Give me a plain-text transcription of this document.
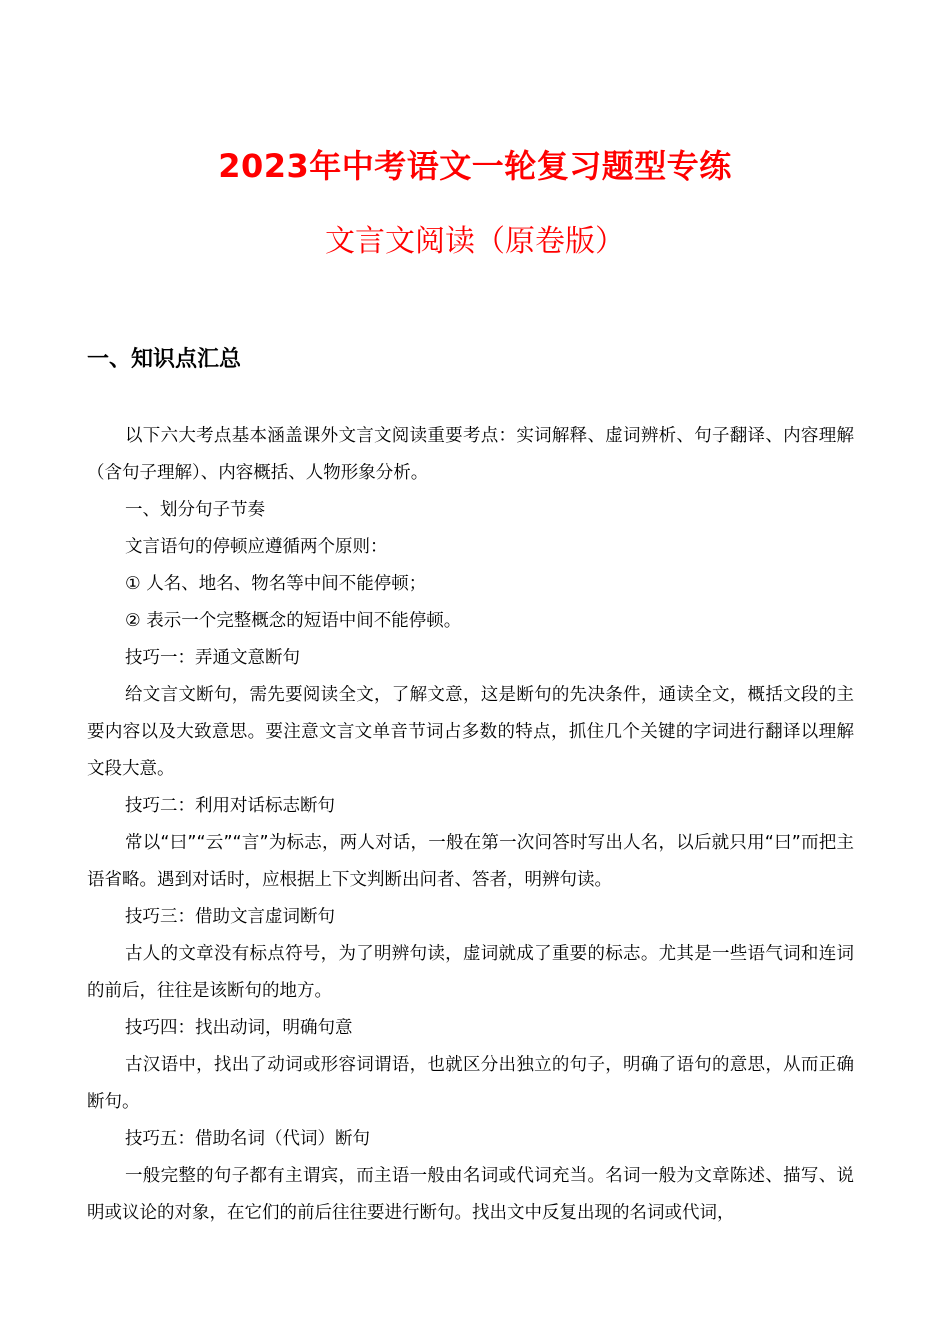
2023年中考语文一轮复习题型专练
文言文阅读（原卷版）
一、知识点汇总

以下六大考点基本涵盖课外文言文阅读重要考点：实词解释、虚词辨析、句子翻译、内容理解（含句子理解）、内容概括、人物形象分析。

一、划分句子节奏

文言语句的停顿应遵循两个原则：

① 人名、地名、物名等中间不能停顿；

② 表示一个完整概念的短语中间不能停顿。

技巧一：弄通文意断句

给文言文断句，需先要阅读全文，了解文意，这是断句的先决条件，通读全文，概括文段的主要内容以及大致意思。要注意文言文单音节词占多数的特点，抓住几个关键的字词进行翻译以理解文段大意。

技巧二：利用对话标志断句

常以“曰”“云”“言”为标志，两人对话，一般在第一次问答时写出人名，以后就只用“曰”而把主语省略。遇到对话时，应根据上下文判断出问者、答者，明辨句读。

技巧三：借助文言虚词断句

古人的文章没有标点符号，为了明辨句读，虚词就成了重要的标志。尤其是一些语气词和连词的前后，往往是该断句的地方。

技巧四：找出动词，明确句意

古汉语中，找出了动词或形容词谓语，也就区分出独立的句子，明确了语句的意思，从而正确断句。

技巧五：借助名词（代词）断句

一般完整的句子都有主谓宾，而主语一般由名词或代词充当。名词一般为文章陈述、描写、说明或议论的对象，在它们的前后往往要进行断句。找出文中反复出现的名词或代词，
